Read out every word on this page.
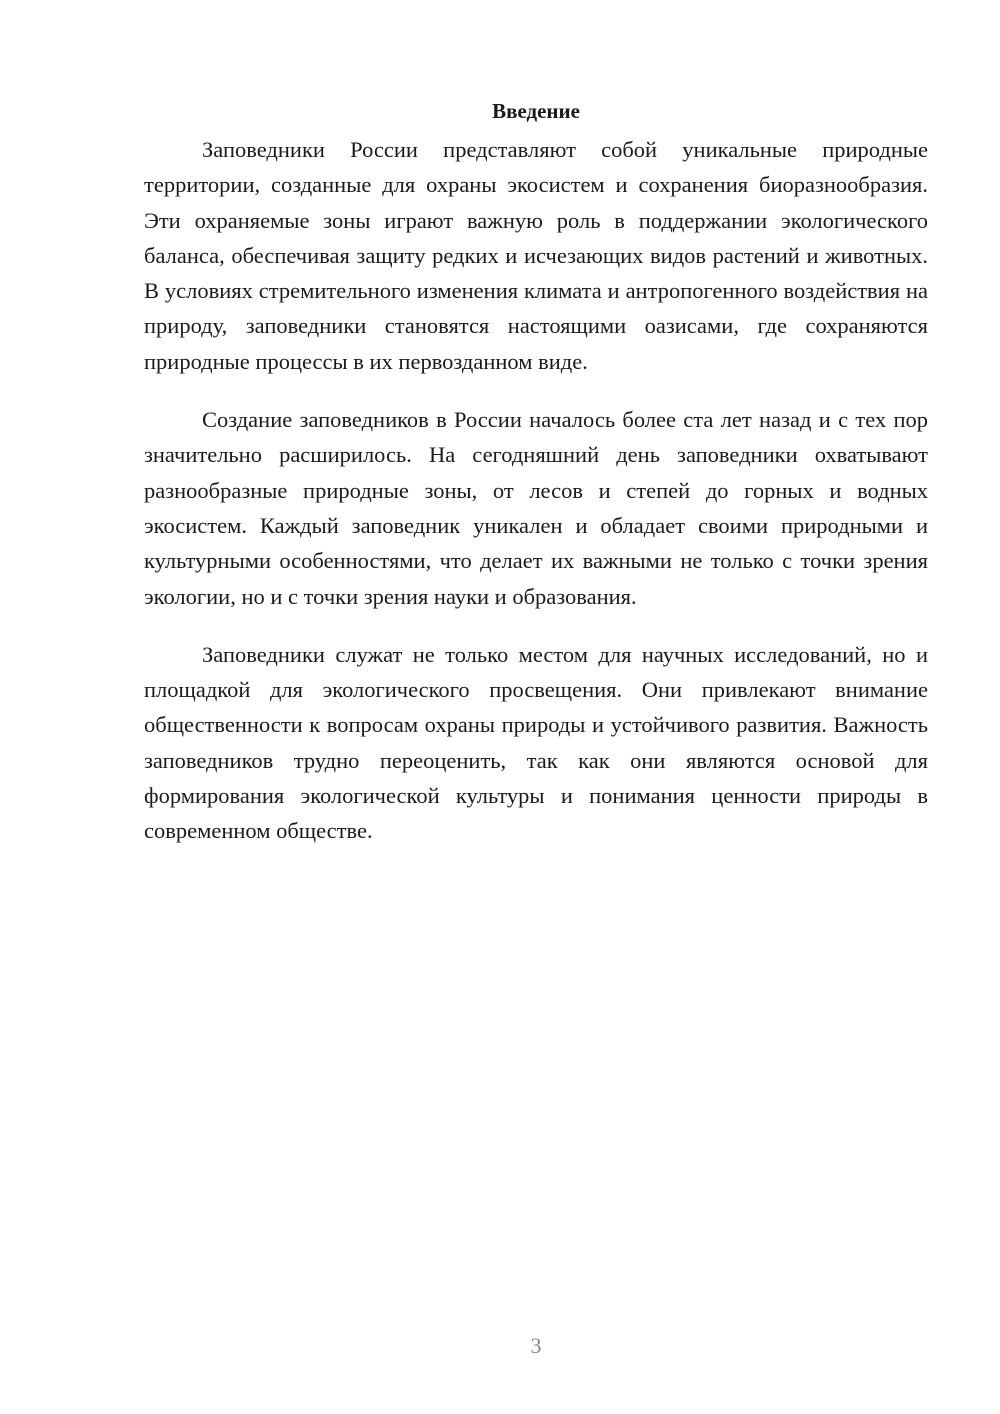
Введение

Заповедники России представляют собой уникальные природные территории, созданные для охраны экосистем и сохранения биоразнообразия. Эти охраняемые зоны играют важную роль в поддержании экологического баланса, обеспечивая защиту редких и исчезающих видов растений и животных. В условиях стремительного изменения климата и антропогенного воздействия на природу, заповедники становятся настоящими оазисами, где сохраняются природные процессы в их первозданном виде.

Создание заповедников в России началось более ста лет назад и с тех пор значительно расширилось. На сегодняшний день заповедники охватывают разнообразные природные зоны, от лесов и степей до горных и водных экосистем. Каждый заповедник уникален и обладает своими природными и культурными особенностями, что делает их важными не только с точки зрения экологии, но и с точки зрения науки и образования.

Заповедники служат не только местом для научных исследований, но и площадкой для экологического просвещения. Они привлекают внимание общественности к вопросам охраны природы и устойчивого развития. Важность заповедников трудно переоценить, так как они являются основой для формирования экологической культуры и понимания ценности природы в современном обществе.

3
